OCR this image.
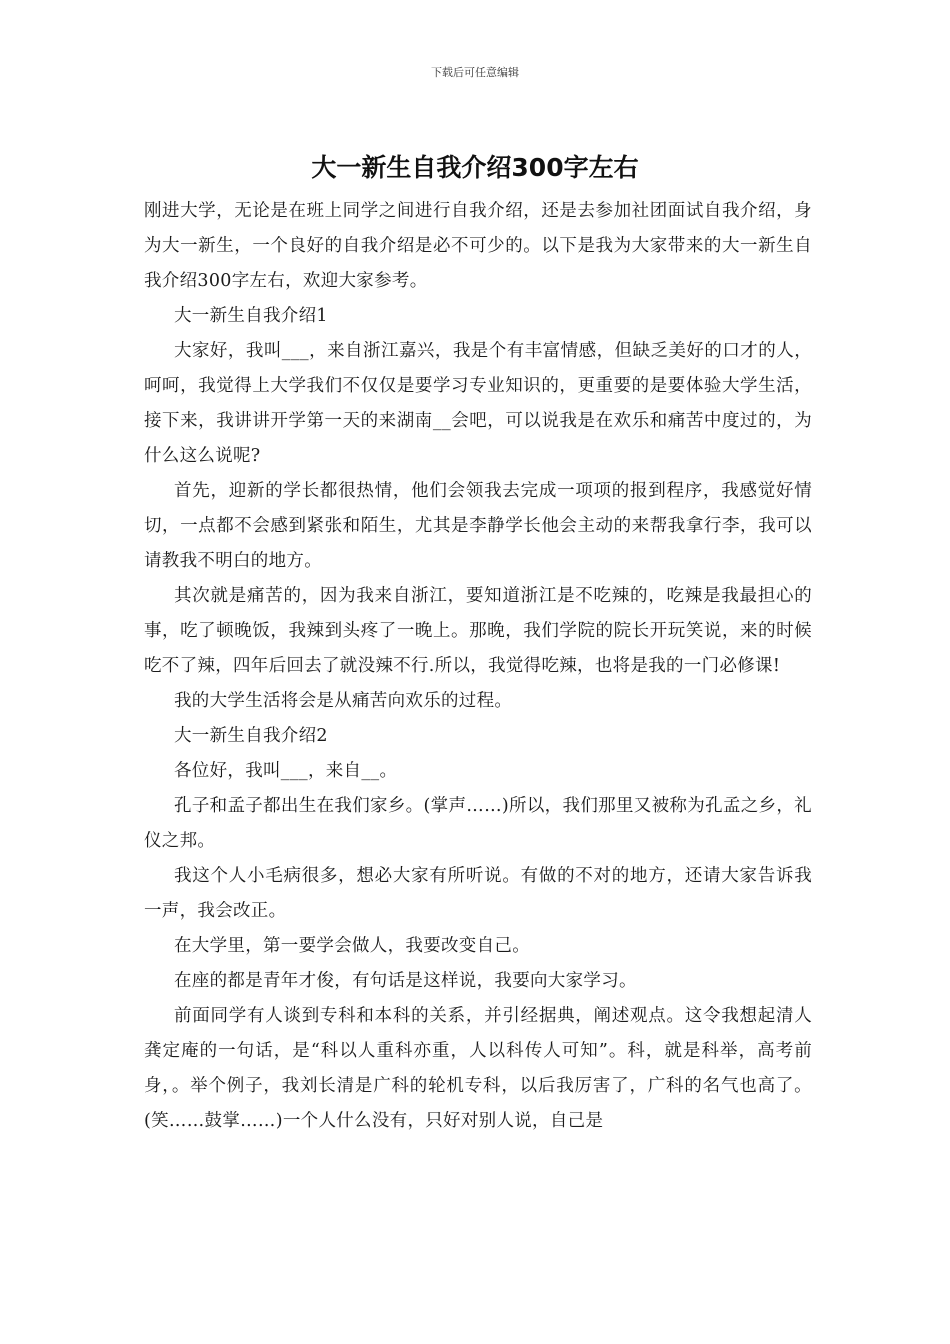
下载后可任意编辑
大一新生自我介绍300字左右

刚进大学，无论是在班上同学之间进行自我介绍，还是去参加社团面试自我介绍，身为大一新生，一个良好的自我介绍是必不可少的。以下是我为大家带来的大一新生自我介绍300字左右，欢迎大家参考。

大一新生自我介绍1

大家好，我叫___，来自浙江嘉兴，我是个有丰富情感，但缺乏美好的口才的人，呵呵，我觉得上大学我们不仅仅是要学习专业知识的，更重要的是要体验大学生活，接下来，我讲讲开学第一天的来湖南__会吧，可以说我是在欢乐和痛苦中度过的，为什么这么说呢?

首先，迎新的学长都很热情，他们会领我去完成一项项的报到程序，我感觉好情切，一点都不会感到紧张和陌生，尤其是李静学长他会主动的来帮我拿行李，我可以请教我不明白的地方。

其次就是痛苦的，因为我来自浙江，要知道浙江是不吃辣的，吃辣是我最担心的事，吃了顿晚饭，我辣到头疼了一晚上。那晚，我们学院的院长开玩笑说，来的时候吃不了辣，四年后回去了就没辣不行.所以，我觉得吃辣，也将是我的一门必修课!

我的大学生活将会是从痛苦向欢乐的过程。

大一新生自我介绍2

各位好，我叫___，来自__。

孔子和孟子都出生在我们家乡。(掌声……)所以，我们那里又被称为孔孟之乡，礼仪之邦。

我这个人小毛病很多，想必大家有所听说。有做的不对的地方，还请大家告诉我一声，我会改正。

在大学里，第一要学会做人，我要改变自己。

在座的都是青年才俊，有句话是这样说，我要向大家学习。

前面同学有人谈到专科和本科的关系，并引经据典，阐述观点。这令我想起清人龚定庵的一句话，是“科以人重科亦重，人以科传人可知”。科，就是科举，高考前身，。举个例子，我刘长清是广科的轮机专科，以后我厉害了，广科的名气也高了。(笑……鼓掌……)一个人什么没有，只好对别人说，自己是
